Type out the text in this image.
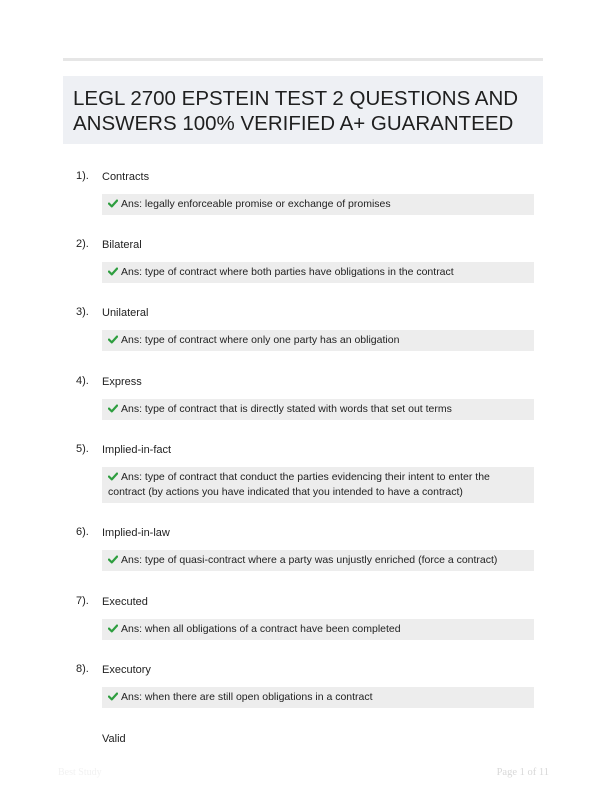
LEGL 2700 EPSTEIN TEST 2 QUESTIONS AND ANSWERS 100% VERIFIED A+ GUARANTEED
1). Contracts
Ans: legally enforceable promise or exchange of promises
2). Bilateral
Ans: type of contract where both parties have obligations in the contract
3). Unilateral
Ans: type of contract where only one party has an obligation
4). Express
Ans: type of contract that is directly stated with words that set out terms
5). Implied-in-fact
Ans: type of contract that conduct the parties evidencing their intent to enter the contract (by actions you have indicated that you intended to have a contract)
6). Implied-in-law
Ans: type of quasi-contract where a party was unjustly enriched (force a contract)
7). Executed
Ans: when all obligations of a contract have been completed
8). Executory
Ans: when there are still open obligations in a contract
Valid
Best Study	Page 1 of 11
